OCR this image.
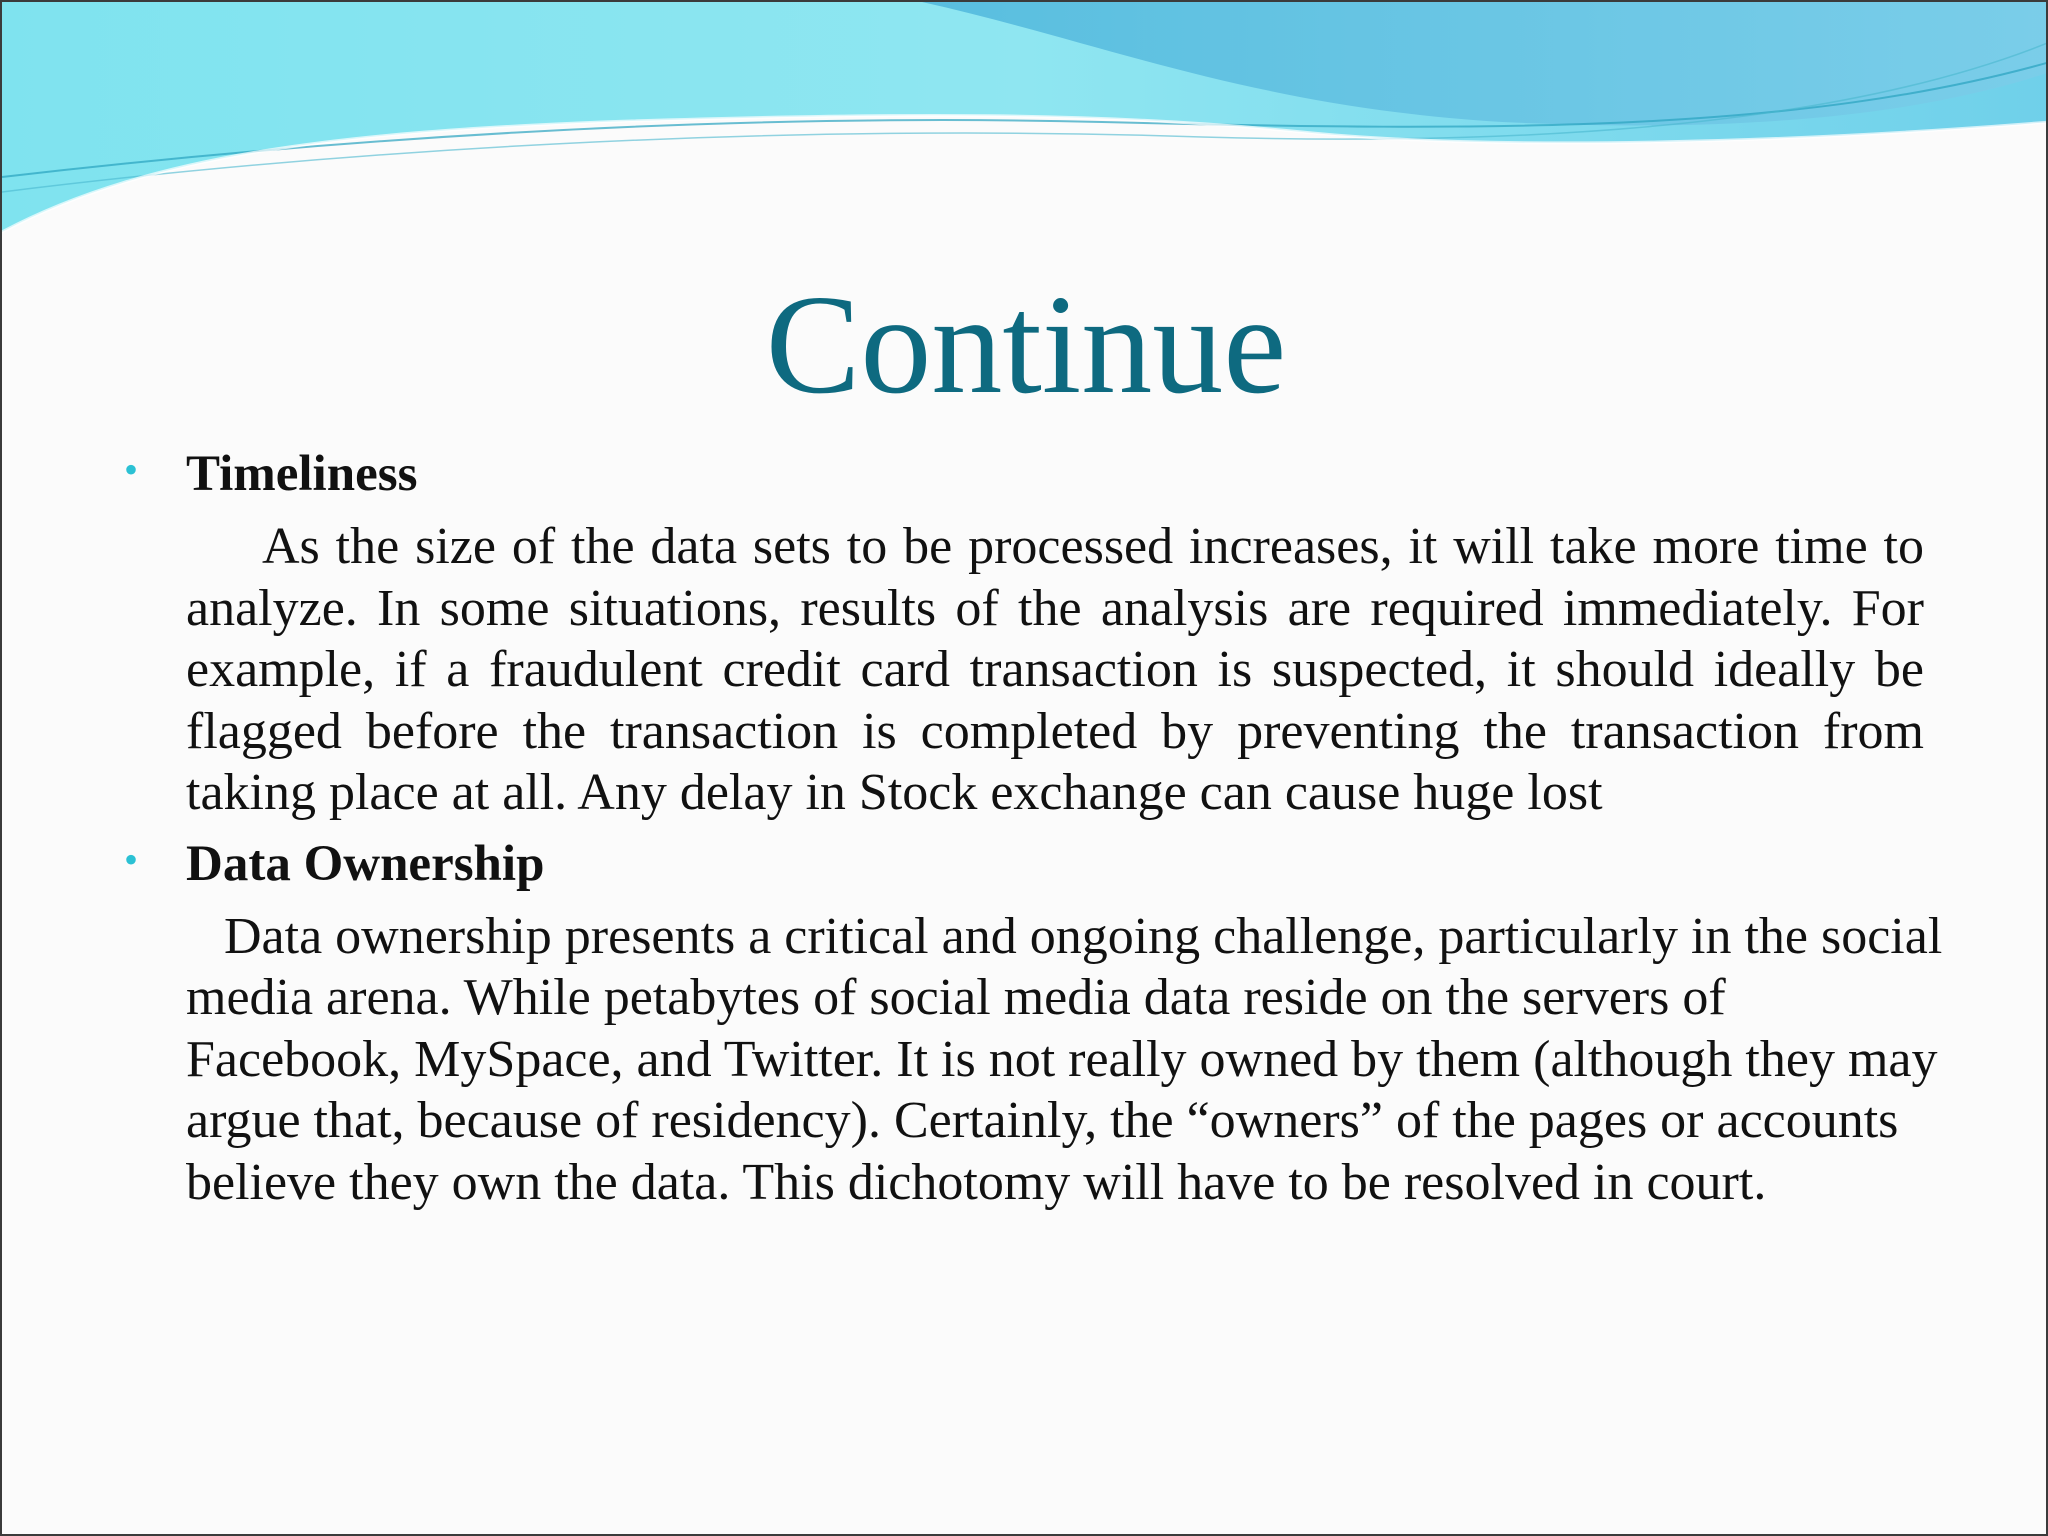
Continue
• Timeliness
As the size of the data sets to be processed increases, it will take more time to analyze. In some situations, results of the analysis are required immediately. For example, if a fraudulent credit card transaction is suspected, it should ideally be flagged before the transaction is completed by preventing the transaction from taking place at all. Any delay in Stock exchange can cause huge lost
• Data Ownership
Data ownership presents a critical and ongoing challenge, particularly in the social media arena. While petabytes of social media data reside on the servers of Facebook, MySpace, and Twitter. It is not really owned by them (although they may argue that, because of residency). Certainly, the “owners” of the pages or accounts believe they own the data. This dichotomy will have to be resolved in court.
